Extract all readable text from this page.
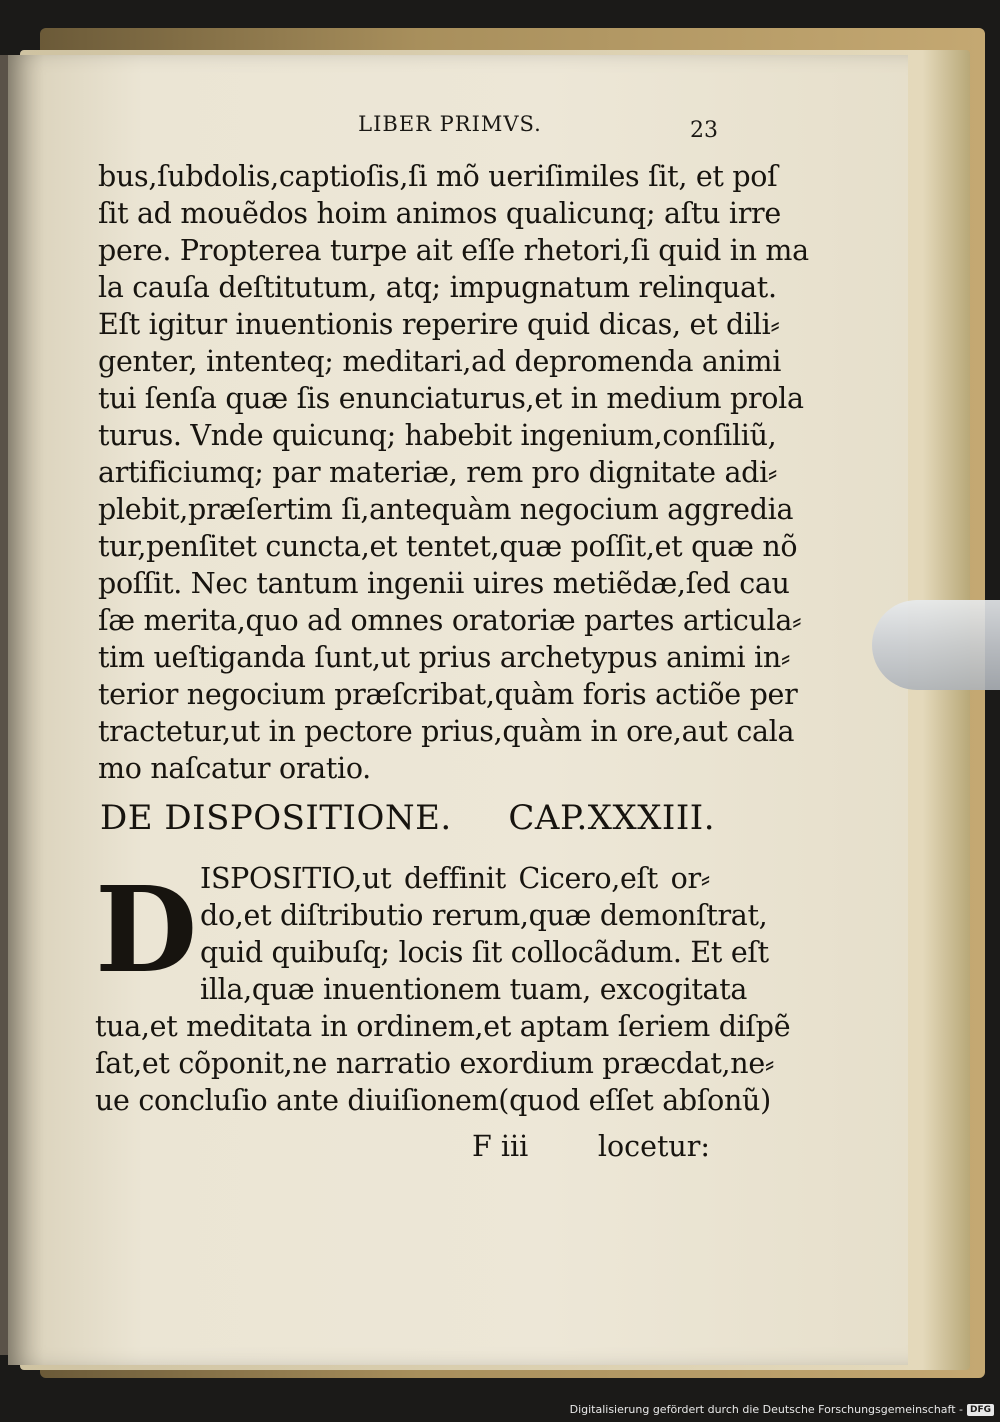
LIBER PRIMVS.	23
bus,ſubdolis,captioſis,ſi mõ ueriſimiles ſit, et poſ
ſit ad mouẽdos hoim animos qualicunq; aſtu irre
pere. Propterea turpe ait eſſe rhetori,ſi quid in ma
la cauſa deſtitutum, atq; impugnatum relinquat.
Eſt igitur inuentionis reperire quid dicas, et dili⸗
genter, intenteq; meditari,ad depromenda animi
tui ſenſa quæ ſis enunciaturus,et in medium prola
turus. Vnde quicunq; habebit ingenium,conſiliũ,
artificiumq; par materiæ, rem pro dignitate adi⸗
plebit,præſertim ſi,antequàm negocium aggredia
tur,penſitet cuncta,et tentet,quæ poſſit,et quæ nõ
poſſit. Nec tantum ingenii uires metiẽdæ,ſed cau
ſæ merita,quo ad omnes oratoriæ partes articula⸗
tim ueſtiganda ſunt,ut prius archetypus animi in⸗
terior negocium præſcribat,quàm foris actiõe per
tractetur,ut in pectore prius,quàm in ore,aut cala
mo naſcatur oratio.
DE DISPOSITIONE. CAP.XXXIII.
D ISPOSITIO,ut deffinit Cicero,eſt or⸗
do,et diſtributio rerum,quæ demonſtrat,
quid quibuſq; locis ſit collocãdum. Et eſt
illa,quæ inuentionem tuam, excogitata
tua,et meditata in ordinem,et aptam ſeriem diſpẽ
ſat,et cõponit,ne narratio exordium præcdat,ne⸗
ue concluſio ante diuiſionem(quod eſſet abſonũ)
F iii locetur:
Digitalisierung gefördert durch die Deutsche Forschungsgemeinschaft - DFG
